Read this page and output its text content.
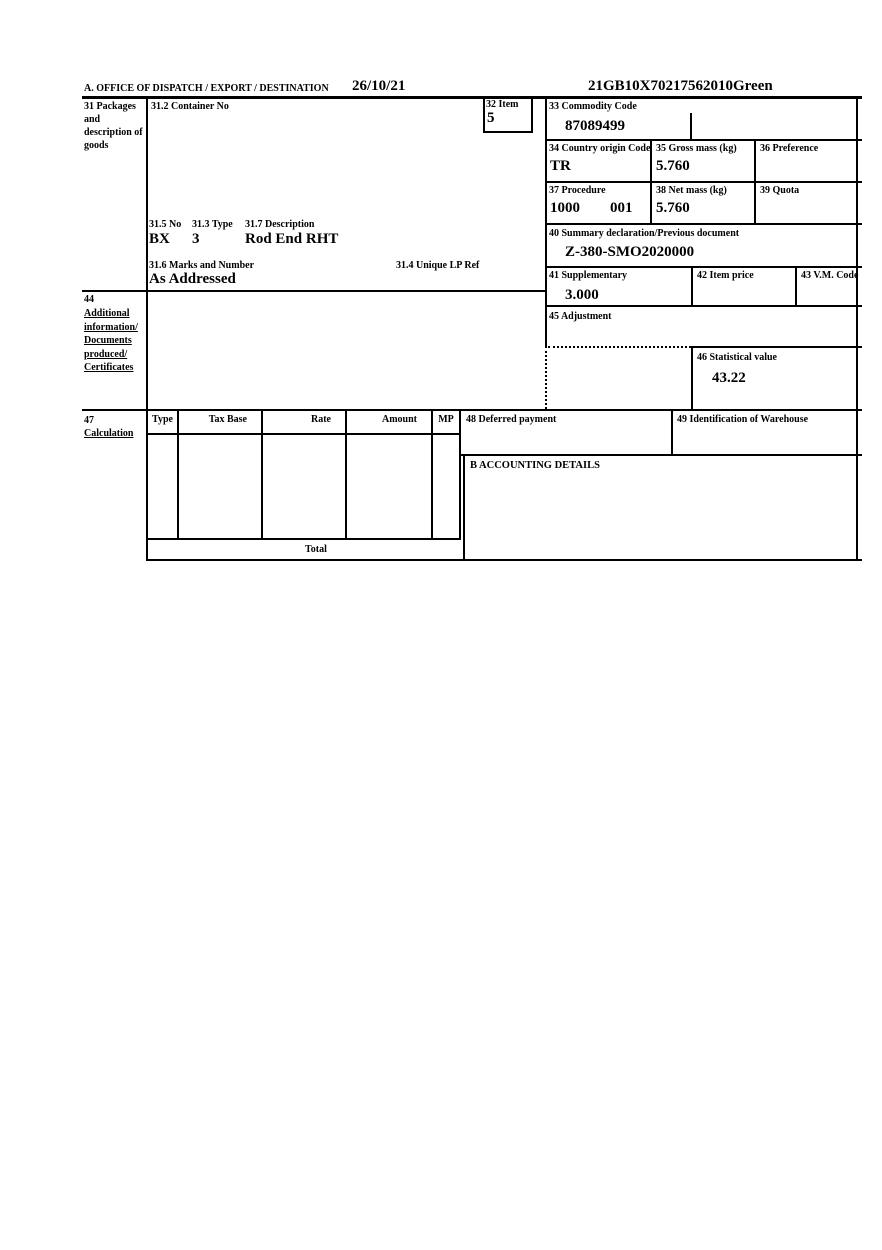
A. OFFICE OF DISPATCH / EXPORT / DESTINATION 26/10/21	21GB10X70217562010 Green
31 Packages and description of goods
44
Additional
information/
Documents
produced/
Certificates
47
Calculation
31.2 Container No	32 Item
5
31.5 No 31.3 Type 31.7 Description
BX 3	Rod End RHT
31.6 Marks and Number	31.4 Unique LP Ref
As Addressed
33 Commodity Code
87089499
34 Country origin Code
TR
35 Gross mass (kg)
5.760
36 Preference
37 Procedure
1000 001
38 Net mass (kg)
5.760
39 Quota
40 Summary declaration/Previous document
Z-380-SMO2020000
41 Supplementary
3.000
42 Item price	43 V.M. Code
45 Adjustment
46 Statistical value
43.22
Type	Tax Base	Rate	Amount	MP
Total
48 Deferred payment	49 Identification of Warehouse
B ACCOUNTING DETAILS
